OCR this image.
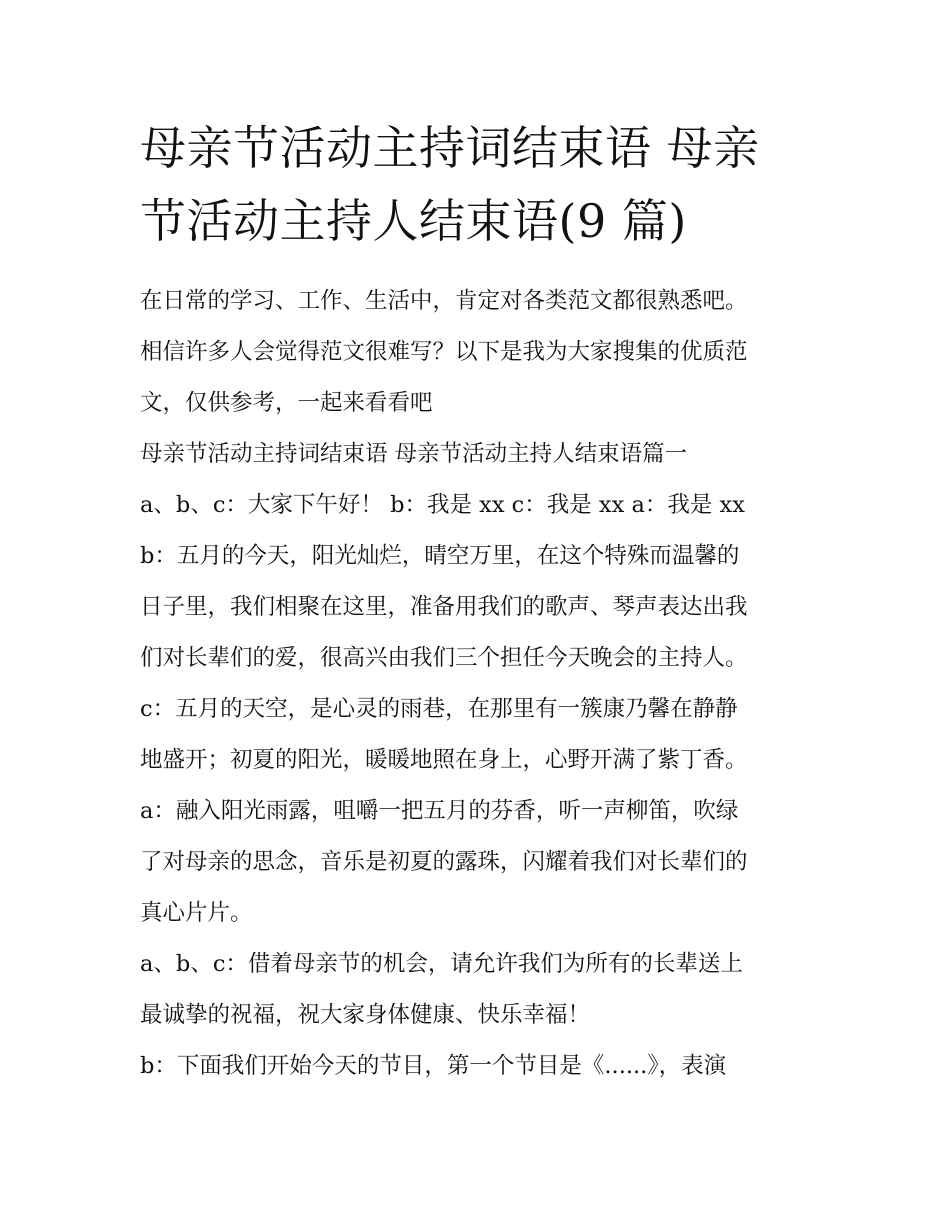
母亲节活动主持词结束语 母亲
节活动主持人结束语(9 篇)
在日常的学习、工作、生活中，肯定对各类范文都很熟悉吧。
相信许多人会觉得范文很难写？以下是我为大家搜集的优质范
文，仅供参考，一起来看看吧
母亲节活动主持词结束语 母亲节活动主持人结束语篇一
a、b、c：大家下午好！ b：我是 xx c：我是 xx a：我是 xx
b：五月的今天，阳光灿烂，晴空万里，在这个特殊而温馨的
日子里，我们相聚在这里，准备用我们的歌声、琴声表达出我
们对长辈们的爱，很高兴由我们三个担任今天晚会的主持人。
c：五月的天空，是心灵的雨巷，在那里有一簇康乃馨在静静
地盛开；初夏的阳光，暖暖地照在身上，心野开满了紫丁香。
a：融入阳光雨露，咀嚼一把五月的芬香，听一声柳笛，吹绿
了对母亲的思念，音乐是初夏的露珠，闪耀着我们对长辈们的
真心片片。
a、b、c：借着母亲节的机会，请允许我们为所有的长辈送上
最诚挚的祝福，祝大家身体健康、快乐幸福！
b：下面我们开始今天的节目，第一个节目是《......》，表演
